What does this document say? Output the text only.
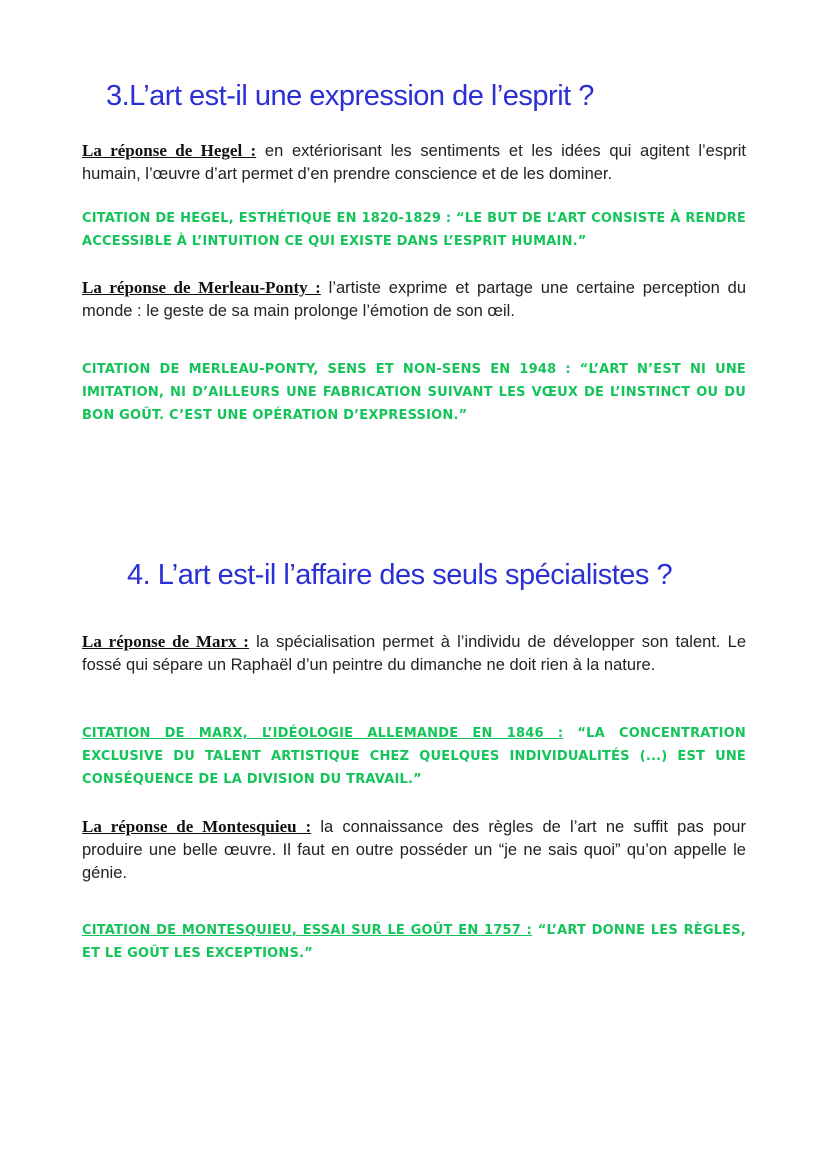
3.L’art est-il une expression de l’esprit ?

La réponse de Hegel : en extériorisant les sentiments et les idées qui agitent l’esprit humain, l’œuvre d’art permet d’en prendre conscience et de les dominer.

CITATION DE HEGEL, ESTHÉTIQUE EN 1820-1829 : “LE BUT DE L’ART CONSISTE À RENDRE ACCESSIBLE À L’INTUITION CE QUI EXISTE DANS L’ESPRIT HUMAIN.”

La réponse de Merleau-Ponty : l’artiste exprime et partage une certaine perception du monde : le geste de sa main prolonge l’émotion de son œil.

CITATION DE MERLEAU-PONTY, SENS ET NON-SENS EN 1948 : “L’ART N’EST NI UNE IMITATION, NI D’AILLEURS UNE FABRICATION SUIVANT LES VŒUX DE L’INSTINCT OU DU BON GOÛT. C’EST UNE OPÉRATION D’EXPRESSION.”

4. L’art est-il l’affaire des seuls spécialistes ?

La réponse de Marx : la spécialisation permet à l’individu de développer son talent. Le fossé qui sépare un Raphaël d’un peintre du dimanche ne doit rien à la nature.

CITATION DE MARX, L’IDÉOLOGIE ALLEMANDE EN 1846 : “LA CONCENTRATION EXCLUSIVE DU TALENT ARTISTIQUE CHEZ QUELQUES INDIVIDUALITÉS (...) EST UNE CONSÉQUENCE DE LA DIVISION DU TRAVAIL.”

La réponse de Montesquieu : la connaissance des règles de l’art ne suffit pas pour produire une belle œuvre. Il faut en outre posséder un “je ne sais quoi” qu’on appelle le génie.

CITATION DE MONTESQUIEU, ESSAI SUR LE GOÛT EN 1757 : “L’ART DONNE LES RÈGLES, ET LE GOÛT LES EXCEPTIONS.”
